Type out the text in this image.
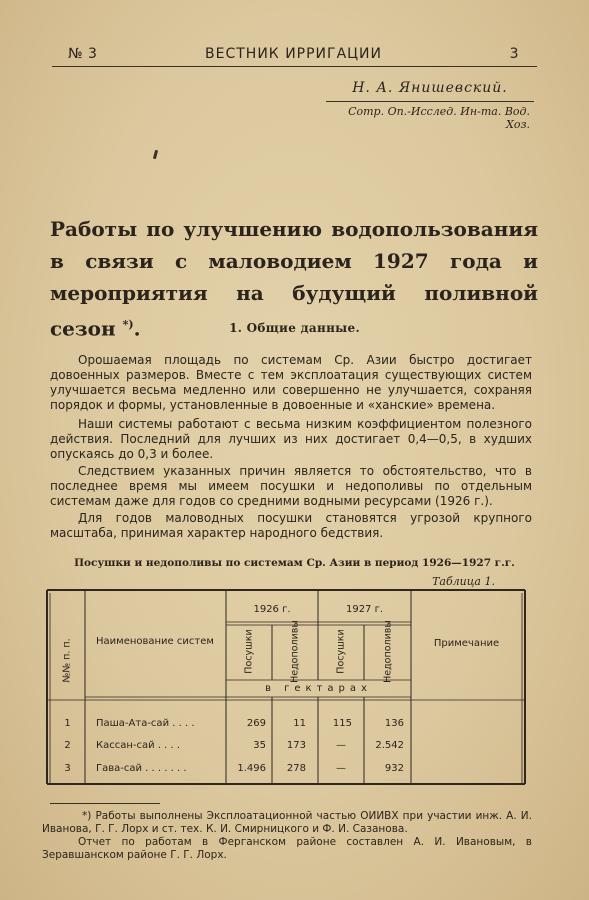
№ 3	ВЕСТНИК ИРРИГАЦИИ	3
Н. А. Янишевский.
Сотр. Оп.-Исслед. Ин-та. Вод. Хоз.
Работы по улучшению водопользования в связи с маловодием 1927 года и мероприятия на будущий поливной сезон *).	1. Общие данные.

Орошаемая площадь по системам Ср. Азии быстро достигает довоенных размеров. Вместе с тем эксплоатация существующих систем улучшается весьма медленно или совершенно не улучшается, сохраняя порядок и формы, установленные в довоенные и «ханские» времена.

Наши системы работают с весьма низким коэффициентом полезного действия. Последний для лучших из них достигает 0,4—0,5, в худших опускаясь до 0,3 и более.

Следствием указанных причин является то обстоятельство, что в последнее время мы имеем посушки и недополивы по отдельным системам даже для годов со средними водными ресурсами (1926 г.).

Для годов маловодных посушки становятся угрозой крупного масштаба, принимая характер народного бедствия.

Посушки и недополивы по системам Ср. Азии в период 1926—1927 г.г.
Таблица 1.
№№ п. п. Наименование систем
1926 г.	1927 г.
Посушки	Недополивы	Посушки	Недополивы	Примечание
в гектарах
1	Паша-Ата-сай . . . .	269	11	115	136
2	Кассан-сай . . . .	35	173	—	2.542
3	Гава-сай . . . . . . .	1.496	278	—	932

*) Работы выполнены Эксплоатационной частью ОИИВХ при участии инж. А. И. Иванова, Г. Г. Лорх и ст. тех. К. И. Смирницкого и Ф. И. Сазанова.

Отчет по работам в Ферганском районе составлен А. И. Ивановым, в Зеравшанском районе Г. Г. Лорх.
